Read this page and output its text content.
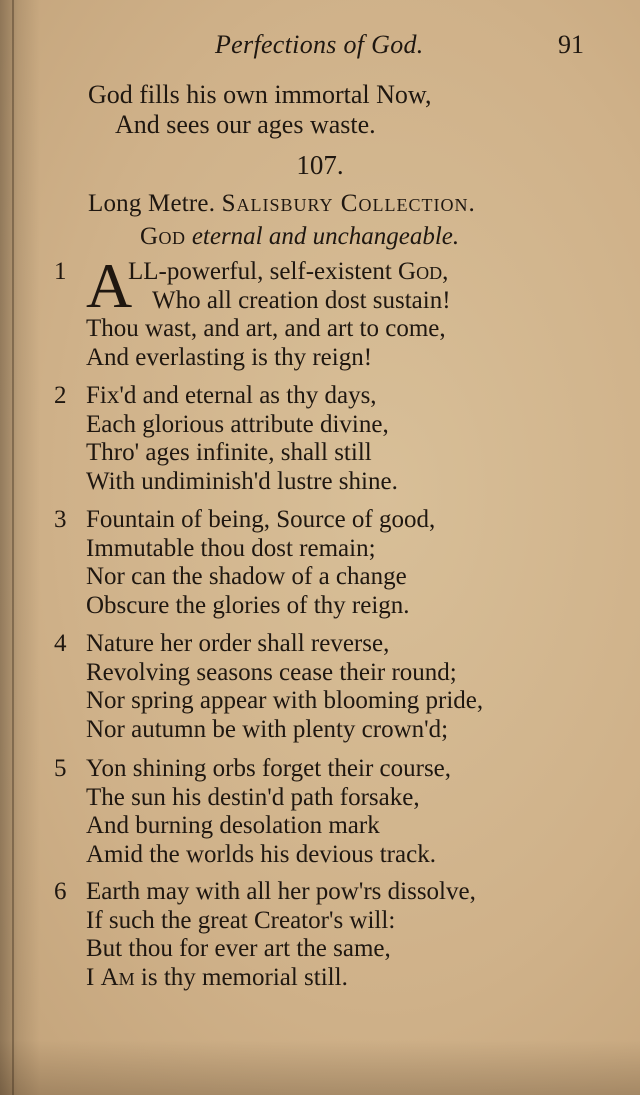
Perfections of God.	91
God fills his own immortal Now,
And sees our ages waste.
107.
Long Metre. Salisbury Collection.
God eternal and unchangeable.
1 A
LL-powerful, self-existent God,
Who all creation dost sustain!
Thou wast, and art, and art to come,
And everlasting is thy reign!
2 Fix'd and eternal as thy days,
Each glorious attribute divine,
Thro' ages infinite, shall still
With undiminish'd lustre shine.
3 Fountain of being, Source of good,
Immutable thou dost remain;
Nor can the shadow of a change
Obscure the glories of thy reign.
4 Nature her order shall reverse,
Revolving seasons cease their round;
Nor spring appear with blooming pride,
Nor autumn be with plenty crown'd;
5 Yon shining orbs forget their course,
The sun his destin'd path forsake,
And burning desolation mark
Amid the worlds his devious track.
6 Earth may with all her pow'rs dissolve,
If such the great Creator's will:
But thou for ever art the same,
I Am is thy memorial still.
